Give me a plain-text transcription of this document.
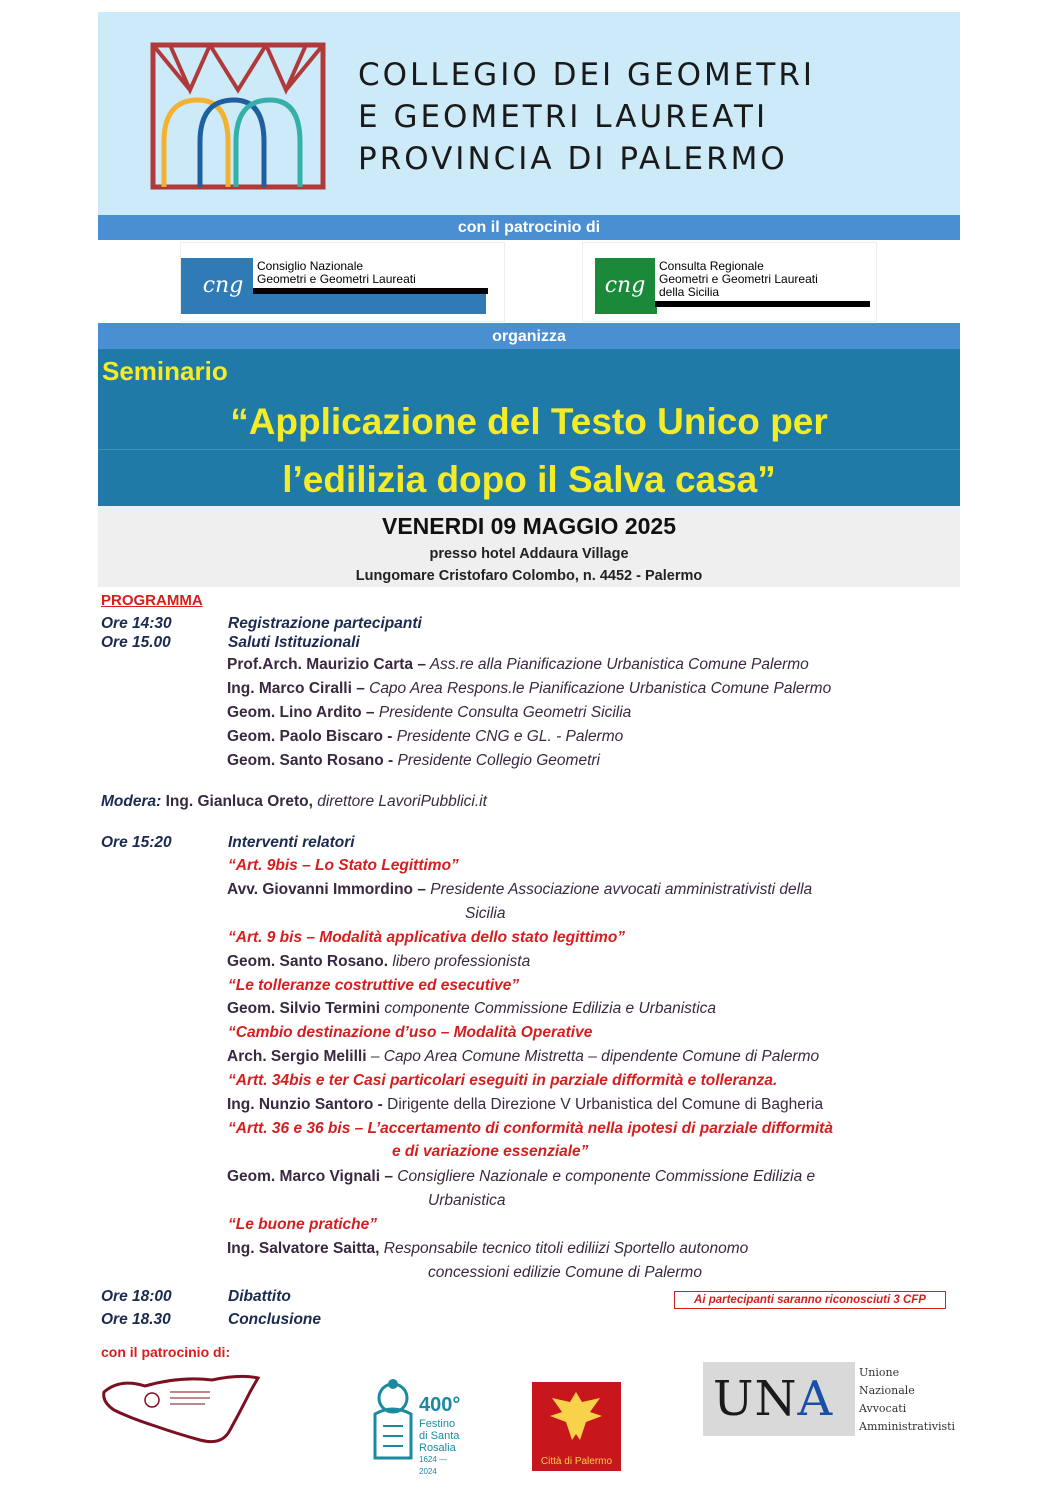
COLLEGIO DEI GEOMETRI
E GEOMETRI LAUREATI
PROVINCIA DI PALERMO
con il patrocinio di
cng
Consiglio Nazionale
Geometri e Geometri Laureati	cng
Consulta Regionale
Geometri e Geometri Laureati
della Sicilia
organizza
Seminario
“Applicazione del Testo Unico per
l’edilizia dopo il Salva casa”
VENERDI 09 MAGGIO 2025
presso hotel Addaura Village
Lungomare Cristofaro Colombo, n. 4452 - Palermo
PROGRAMMA
Ore 14:30	Registrazione partecipanti
Ore 15.00	Saluti Istituzionali
Prof.Arch. Maurizio Carta – Ass.re alla Pianificazione Urbanistica Comune Palermo
Ing. Marco Ciralli – Capo Area Respons.le Pianificazione Urbanistica Comune Palermo
Geom. Lino Ardito – Presidente Consulta Geometri Sicilia
Geom. Paolo Biscaro - Presidente CNG e GL. - Palermo
Geom. Santo Rosano - Presidente Collegio Geometri
Modera: Ing. Gianluca Oreto, direttore LavoriPubblici.it
Ore 15:20	Interventi relatori
“Art. 9bis – Lo Stato Legittimo”
Avv. Giovanni Immordino – Presidente Associazione avvocati amministrativisti della
Sicilia
“Art. 9 bis – Modalità applicativa dello stato legittimo”
Geom. Santo Rosano. libero professionista
“Le tolleranze costruttive ed esecutive”
Geom. Silvio Termini componente Commissione Edilizia e Urbanistica
“Cambio destinazione d’uso – Modalità Operative
Arch. Sergio Melilli – Capo Area Comune Mistretta – dipendente Comune di Palermo
“Artt. 34bis e ter Casi particolari eseguiti in parziale difformità e tolleranza.
Ing. Nunzio Santoro - Dirigente della Direzione V Urbanistica del Comune di Bagheria
“Artt. 36 e 36 bis – L’accertamento di conformità nella ipotesi di parziale difformità
e di variazione essenziale”
Geom. Marco Vignali – Consigliere Nazionale e componente Commissione Edilizia e
Urbanistica
“Le buone pratiche”
Ing. Salvatore Saitta, Responsabile tecnico titoli ediliizi Sportello autonomo
concessioni edilizie Comune di Palermo
Ore 18:00	Dibattito
Ore 18.30	Conclusione
Ai partecipanti saranno riconosciuti 3 CFP
con il patrocinio di:
400°
Festino
di Santa
Rosalia
1624 — 2024
Città di Palermo
UNA	Unione
Nazionale
Avvocati
Amministrativisti
